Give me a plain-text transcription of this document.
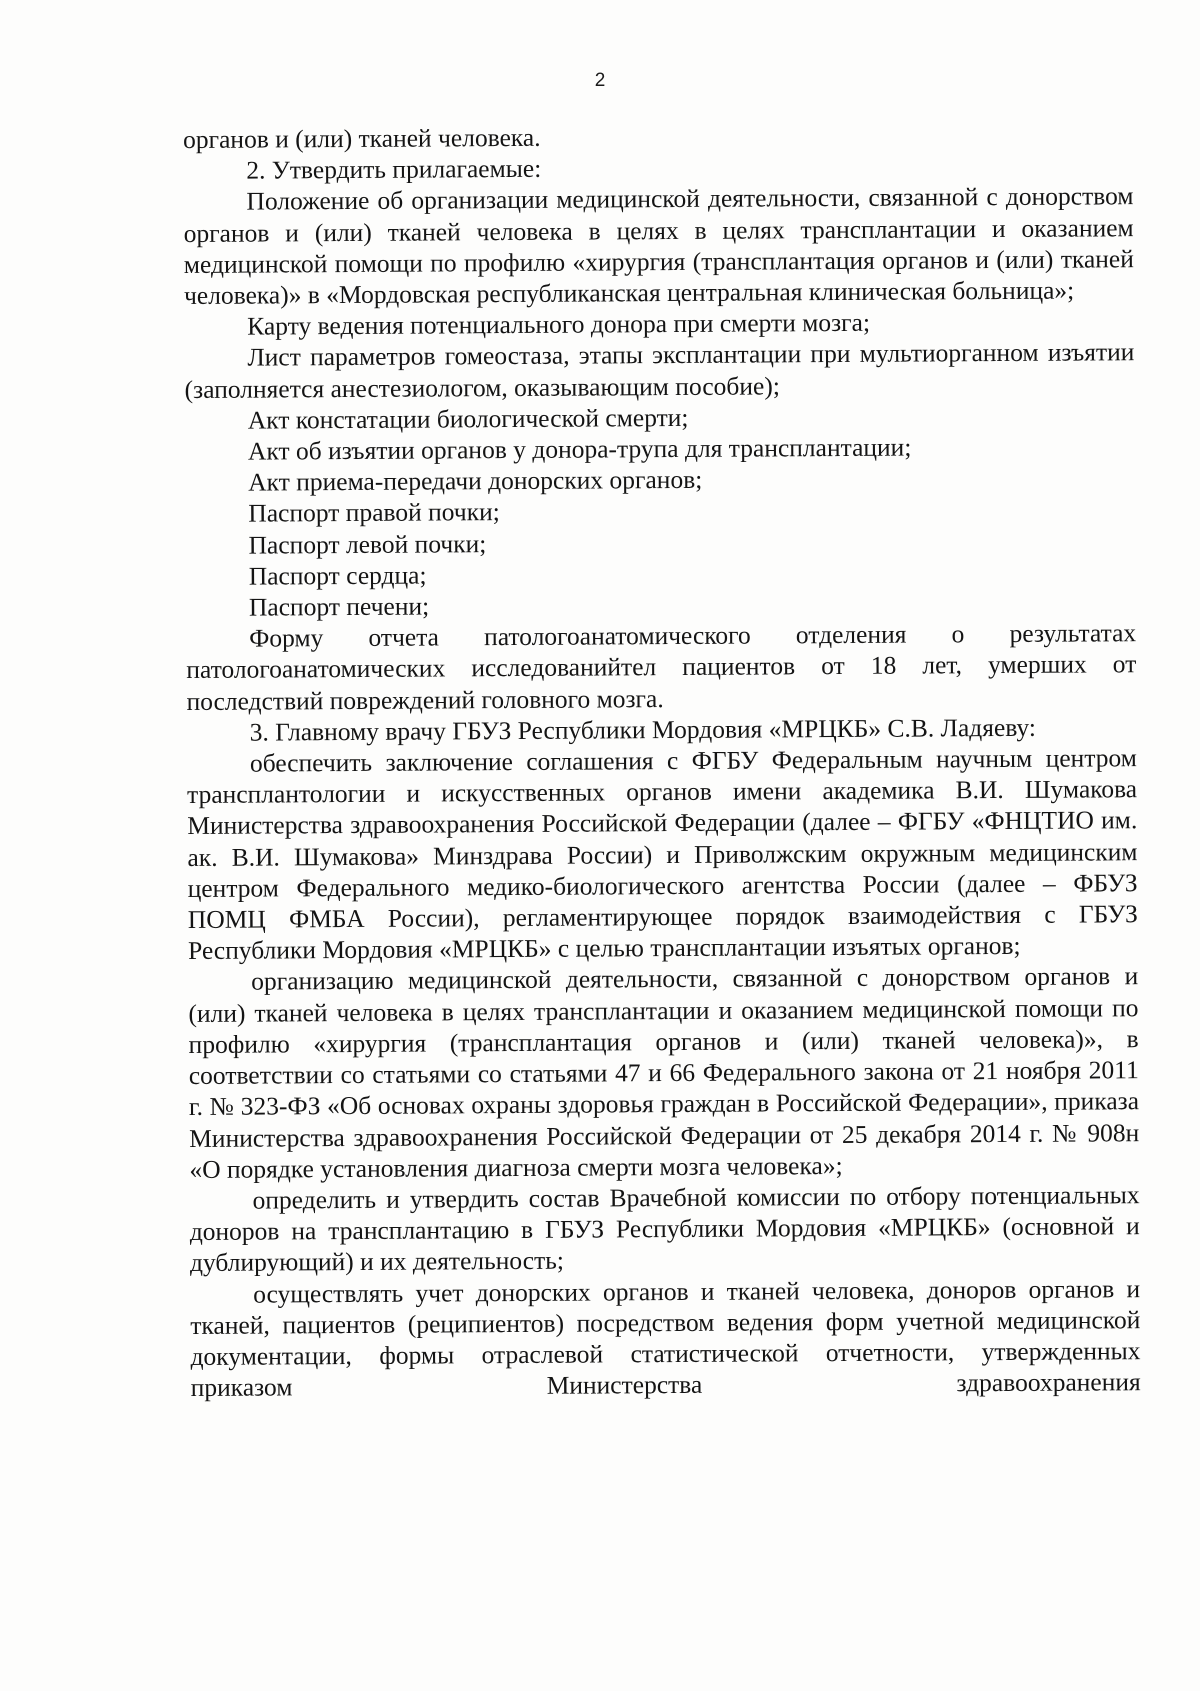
2

органов и (или) тканей человека.

2. Утвердить прилагаемые:

Положение об организации медицинской деятельности, связанной с донорством органов и (или) тканей человека в целях в целях трансплантации и оказанием медицинской помощи по профилю «хирургия (трансплантация органов и (или) тканей человека)» в «Мордовская республиканская центральная клиническая больница»;

Карту ведения потенциального донора при смерти мозга;

Лист параметров гомеостаза, этапы эксплантации при мультиорганном изъятии (заполняется анестезиологом, оказывающим пособие);

Акт констатации биологической смерти;

Акт об изъятии органов у донора-трупа для трансплантации;

Акт приема-передачи донорских органов;

Паспорт правой почки;

Паспорт левой почки;

Паспорт сердца;

Паспорт печени;

Форму отчета патологоанатомического отделения о результатах патологоанатомических исследованийтел пациентов от 18 лет, умерших от последствий повреждений головного мозга.

3. Главному врачу ГБУЗ Республики Мордовия «МРЦКБ» С.В. Ладяеву:

обеспечить заключение соглашения с ФГБУ Федеральным научным центром трансплантологии и искусственных органов имени академика В.И. Шумакова Министерства здравоохранения Российской Федерации (далее – ФГБУ «ФНЦТИО им. ак. В.И. Шумакова» Минздрава России) и Приволжским окружным медицинским центром Федерального медико-биологического агентства России (далее – ФБУЗ ПОМЦ ФМБА России), регламентирующее порядок взаимодействия с ГБУЗ Республики Мордовия «МРЦКБ» с целью трансплантации изъятых органов;

организацию медицинской деятельности, связанной с донорством органов и (или) тканей человека в целях трансплантации и оказанием медицинской помощи по профилю «хирургия (трансплантация органов и (или) тканей человека)», в соответствии со статьями со статьями 47 и 66 Федерального закона от 21 ноября 2011 г. № 323-ФЗ «Об основах охраны здоровья граждан в Российской Федерации», приказа Министерства здравоохранения Российской Федерации от 25 декабря 2014 г. № 908н «О порядке установления диагноза смерти мозга человека»;

определить и утвердить состав Врачебной комиссии по отбору потенциальных доноров на трансплантацию в ГБУЗ Республики Мордовия «МРЦКБ» (основной и дублирующий) и их деятельность;

осуществлять учет донорских органов и тканей человека, доноров органов и тканей, пациентов (реципиентов) посредством ведения форм учетной медицинской документации, формы отраслевой статистической отчетности, утвержденных приказом Министерства здравоохранения
